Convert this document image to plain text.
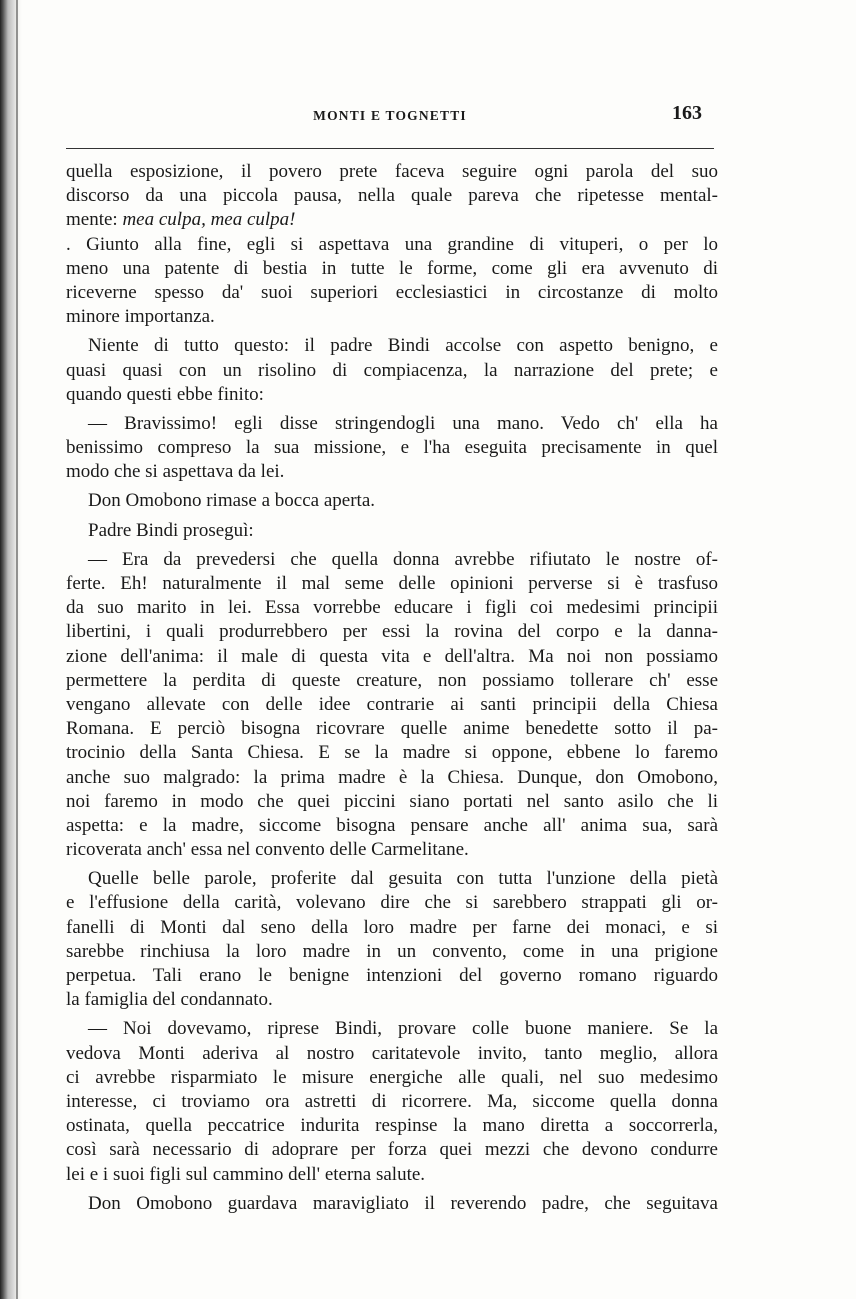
MONTI E TOGNETTI	163
quella esposizione, il povero prete faceva seguire ogni parola del suo
discorso da una piccola pausa, nella quale pareva che ripetesse mental-
mente: mea culpa, mea culpa!
. Giunto alla fine, egli si aspettava una grandine di vituperi, o per lo
meno una patente di bestia in tutte le forme, come gli era avvenuto di
riceverne spesso da' suoi superiori ecclesiastici in circostanze di molto
minore importanza.
Niente di tutto questo: il padre Bindi accolse con aspetto benigno, e
quasi quasi con un risolino di compiacenza, la narrazione del prete; e
quando questi ebbe finito:
— Bravissimo! egli disse stringendogli una mano. Vedo ch' ella ha
benissimo compreso la sua missione, e l'ha eseguita precisamente in quel
modo che si aspettava da lei.
Don Omobono rimase a bocca aperta.
Padre Bindi proseguì:
— Era da prevedersi che quella donna avrebbe rifiutato le nostre of-
ferte. Eh! naturalmente il mal seme delle opinioni perverse si è trasfuso
da suo marito in lei. Essa vorrebbe educare i figli coi medesimi principii
libertini, i quali produrrebbero per essi la rovina del corpo e la danna-
zione dell'anima: il male di questa vita e dell'altra. Ma noi non possiamo
permettere la perdita di queste creature, non possiamo tollerare ch' esse
vengano allevate con delle idee contrarie ai santi principii della Chiesa
Romana. E perciò bisogna ricovrare quelle anime benedette sotto il pa-
trocinio della Santa Chiesa. E se la madre si oppone, ebbene lo faremo
anche suo malgrado: la prima madre è la Chiesa. Dunque, don Omobono,
noi faremo in modo che quei piccini siano portati nel santo asilo che li
aspetta: e la madre, siccome bisogna pensare anche all' anima sua, sarà
ricoverata anch' essa nel convento delle Carmelitane.
Quelle belle parole, proferite dal gesuita con tutta l'unzione della pietà
e l'effusione della carità, volevano dire che si sarebbero strappati gli or-
fanelli di Monti dal seno della loro madre per farne dei monaci, e si
sarebbe rinchiusa la loro madre in un convento, come in una prigione
perpetua. Tali erano le benigne intenzioni del governo romano riguardo
la famiglia del condannato.
— Noi dovevamo, riprese Bindi, provare colle buone maniere. Se la
vedova Monti aderiva al nostro caritatevole invito, tanto meglio, allora
ci avrebbe risparmiato le misure energiche alle quali, nel suo medesimo
interesse, ci troviamo ora astretti di ricorrere. Ma, siccome quella donna
ostinata, quella peccatrice indurita respinse la mano diretta a soccorrerla,
così sarà necessario di adoprare per forza quei mezzi che devono condurre
lei e i suoi figli sul cammino dell' eterna salute.
Don Omobono guardava maravigliato il reverendo padre, che seguitava
